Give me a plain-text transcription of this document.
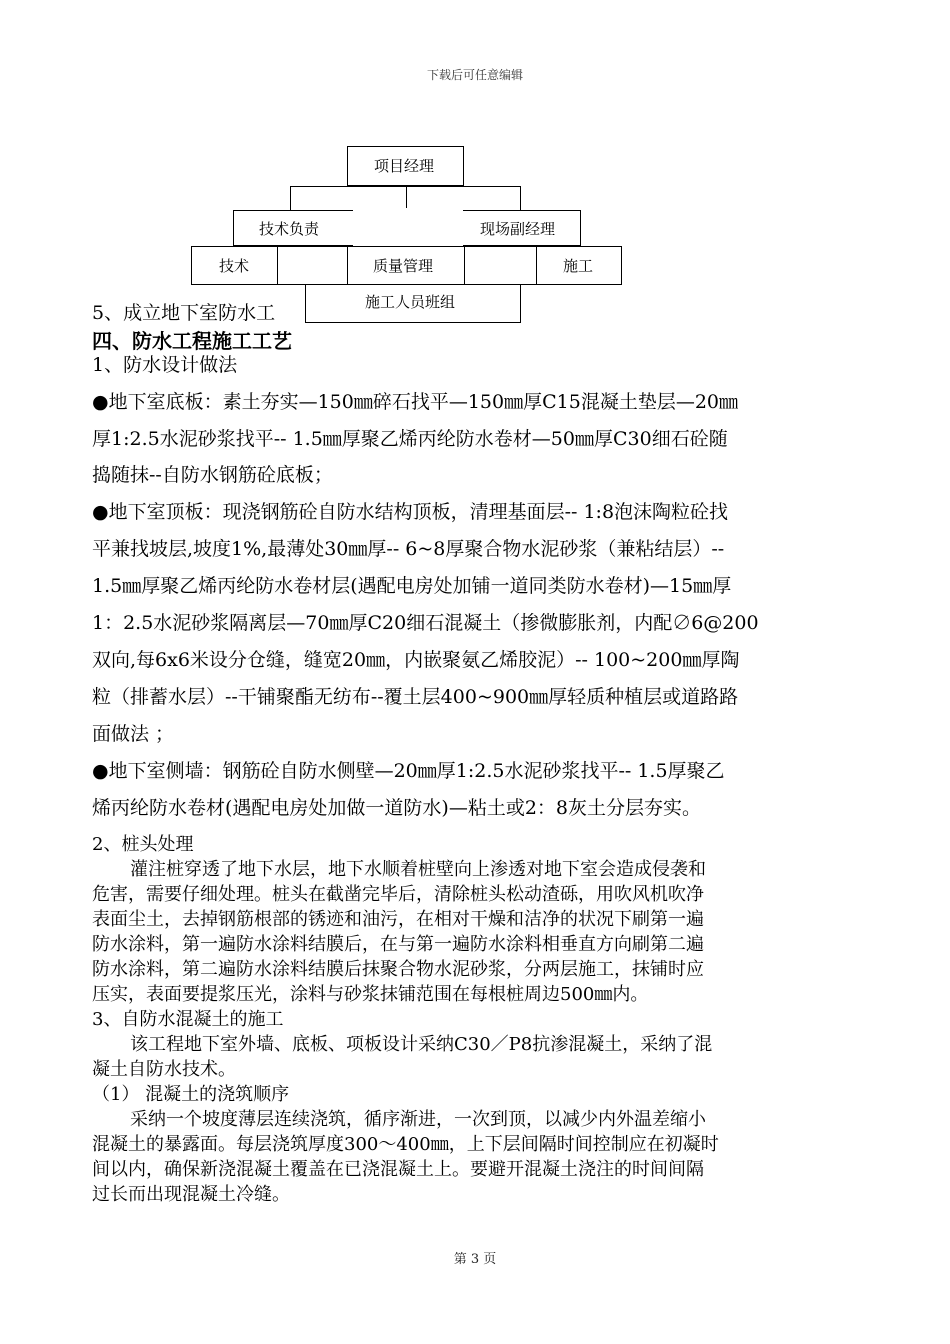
下载后可任意编辑
项目经理
技术负责	现场副经理
技术	质量管理	施工
施工人员班组
5、成立地下室防水工
四、防水工程施工工艺
1、防水设计做法
●地下室底板：素土夯实—150㎜碎石找平—150㎜厚C15混凝土垫层—20㎜
厚1:2.5水泥砂浆找平-- 1.5㎜厚聚乙烯丙纶防水卷材—50㎜厚C30细石砼随
捣随抹--自防水钢筋砼底板；
●地下室顶板：现浇钢筋砼自防水结构顶板，清理基面层-- 1:8泡沫陶粒砼找
平兼找坡层,坡度1%,最薄处30㎜厚-- 6~8厚聚合物水泥砂浆（兼粘结层）--
1.5㎜厚聚乙烯丙纶防水卷材层(遇配电房处加铺一道同类防水卷材)—15㎜厚
1：2.5水泥砂浆隔离层—70㎜厚C20细石混凝土（掺微膨胀剂，内配∅6@200
双向,每6x6米设分仓缝，缝宽20㎜，内嵌聚氨乙烯胶泥）-- 100~200㎜厚陶
粒（排蓄水层）--干铺聚酯无纺布--覆土层400~900㎜厚轻质种植层或道路路
面做法 ；
●地下室侧墙：钢筋砼自防水侧壁—20㎜厚1:2.5水泥砂浆找平-- 1.5厚聚乙
烯丙纶防水卷材(遇配电房处加做一道防水)—粘土或2：8灰土分层夯实。
2、桩头处理
灌注桩穿透了地下水层，地下水顺着桩壁向上渗透对地下室会造成侵袭和
危害，需要仔细处理。桩头在截凿完毕后，清除桩头松动渣砾，用吹风机吹净
表面尘土，去掉钢筋根部的锈迹和油污，在相对干燥和洁净的状况下刷第一遍
防水涂料，第一遍防水涂料结膜后，在与第一遍防水涂料相垂直方向刷第二遍
防水涂料，第二遍防水涂料结膜后抹聚合物水泥砂浆，分两层施工，抹铺时应
压实，表面要提浆压光，涂料与砂浆抹铺范围在每根桩周边500㎜内。
3、自防水混凝土的施工
该工程地下室外墙、底板、项板设计采纳C30／P8抗渗混凝土，采纳了混
凝土自防水技术。
（1） 混凝土的浇筑顺序
采纳一个坡度薄层连续浇筑，循序渐进，一次到顶，以减少内外温差缩小
混凝土的暴露面。每层浇筑厚度300～400㎜，上下层间隔时间控制应在初凝时
间以内，确保新浇混凝土覆盖在已浇混凝土上。要避开混凝土浇注的时间间隔
过长而出现混凝土冷缝。
第 3 页
